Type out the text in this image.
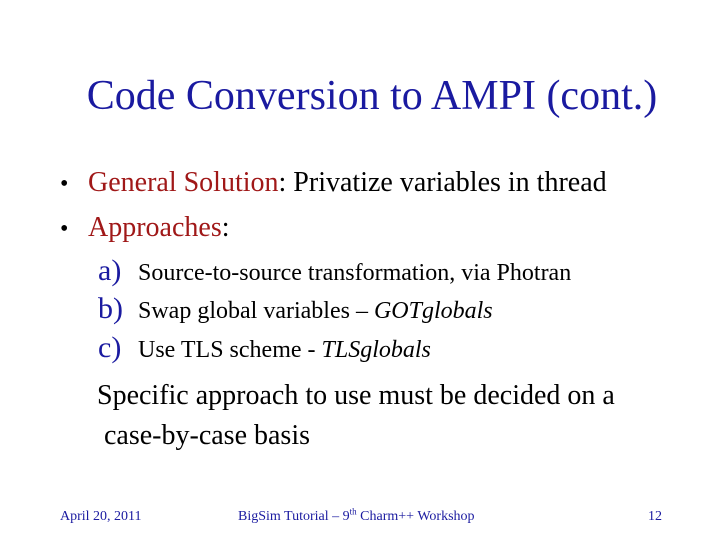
Code Conversion to AMPI (cont.)
• General Solution: Privatize variables in thread
• Approaches:
a) Source-to-source transformation, via Photran
b) Swap global variables – GOTglobals
c) Use TLS scheme - TLSglobals
Specific approach to use must be decided on a
case-by-case basis
April 20, 2011	BigSim Tutorial – 9th Charm++ Workshop	12
